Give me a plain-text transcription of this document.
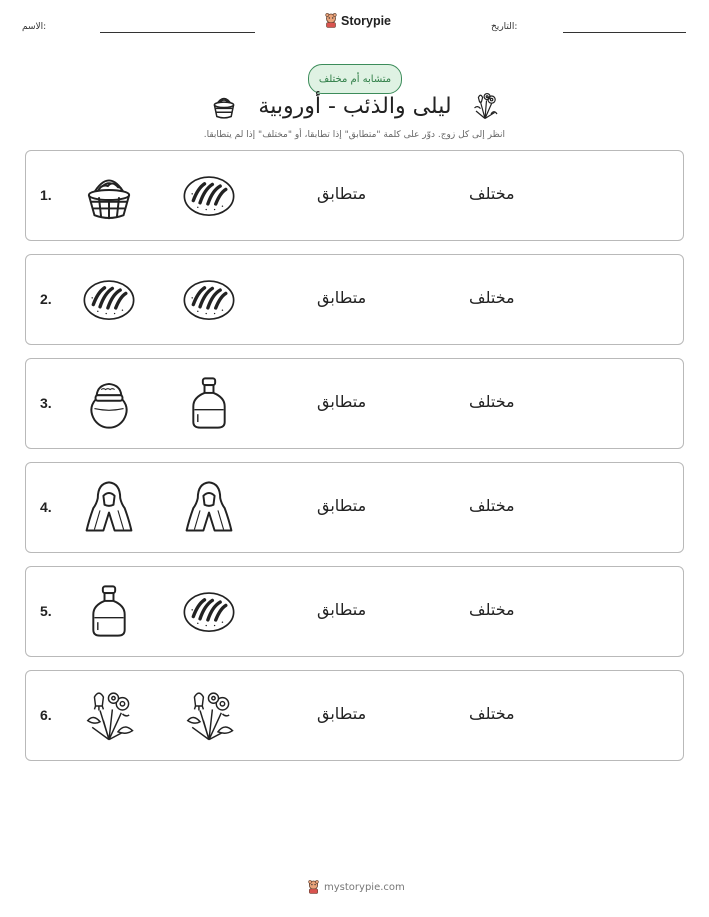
الاسم:	Storypie	التاريخ:
متشابه أم مختلف
ليلى والذئب - أوروبية
انظر إلى كل زوج. دوّر على كلمة "متطابق" إذا تطابقا، أو "مختلف" إذا لم يتطابقا.
1.	متطابق	مختلف
2.	متطابق	مختلف
3.	متطابق	مختلف
4.	متطابق	مختلف
5.	متطابق	مختلف
6.	متطابق	مختلف
mystorypie.com
